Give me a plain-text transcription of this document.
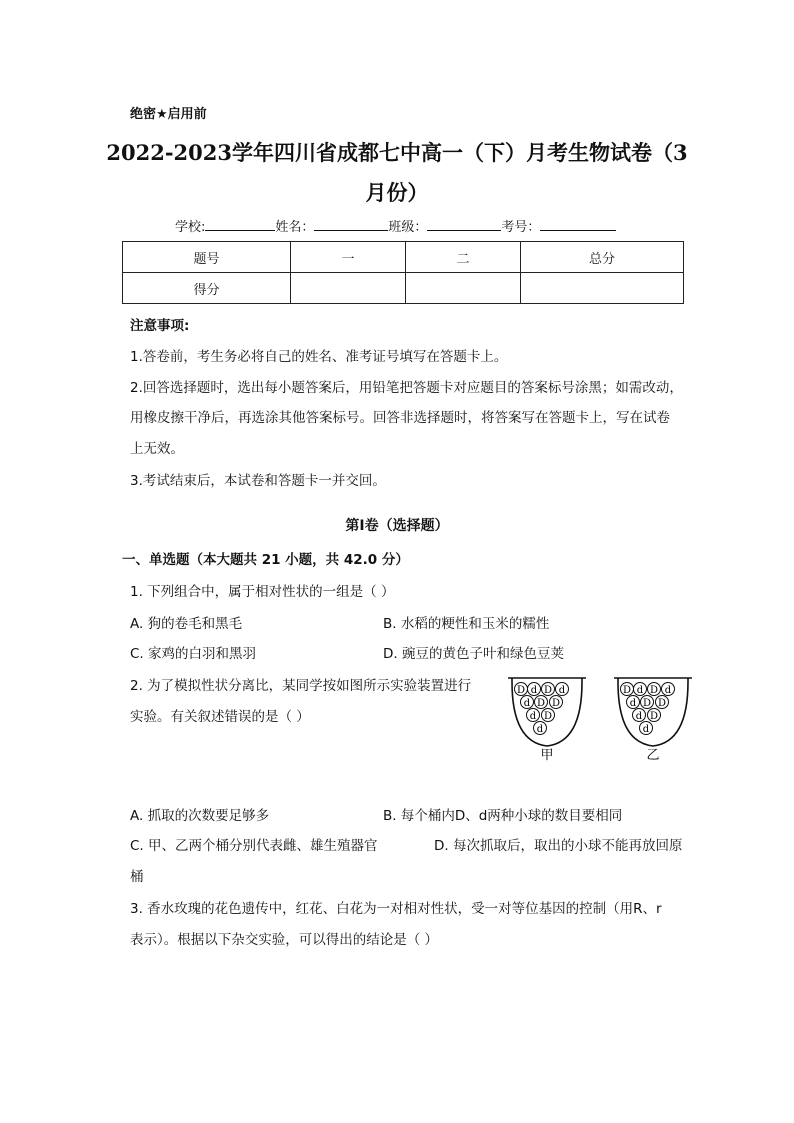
绝密★启用前
2022-2023学年四川省成都七中高一（下）月考生物试卷（3
月份）
学校:	姓名：	班级：	考号：
题号	一	二	总分
得分			
注意事项:
1.答卷前，考生务必将自己的姓名、准考证号填写在答题卡上。
2.回答选择题时，选出每小题答案后，用铅笔把答题卡对应题目的答案标号涂黑；如需改动，
用橡皮擦干净后，再选涂其他答案标号。回答非选择题时，将答案写在答题卡上，写在试卷
上无效。
3.考试结束后，本试卷和答题卡一并交回。
第Ⅰ卷（选择题）
一、单选题（本大题共 21 小题，共 42.0 分）
1. 下列组合中，属于相对性状的一组是（ ）
A. 狗的卷毛和黑毛	B. 水稻的粳性和玉米的糯性
C. 家鸡的白羽和黑羽	D. 豌豆的黄色子叶和绿色豆荚
2. 为了模拟性状分离比，某同学按如图所示实验装置进行
实验。有关叙述错误的是（ ）
D d D d
d D D
d D
d
甲
D d D d
d D D
d D
d
乙
A. 抓取的次数要足够多	B. 每个桶内D、d两种小球的数目要相同
C. 甲、乙两个桶分别代表雌、雄生殖器官	D. 每次抓取后，取出的小球不能再放回原
桶
3. 香水玫瑰的花色遗传中，红花、白花为一对相对性状，受一对等位基因的控制（用R、r
表示）。根据以下杂交实验，可以得出的结论是（ ）
